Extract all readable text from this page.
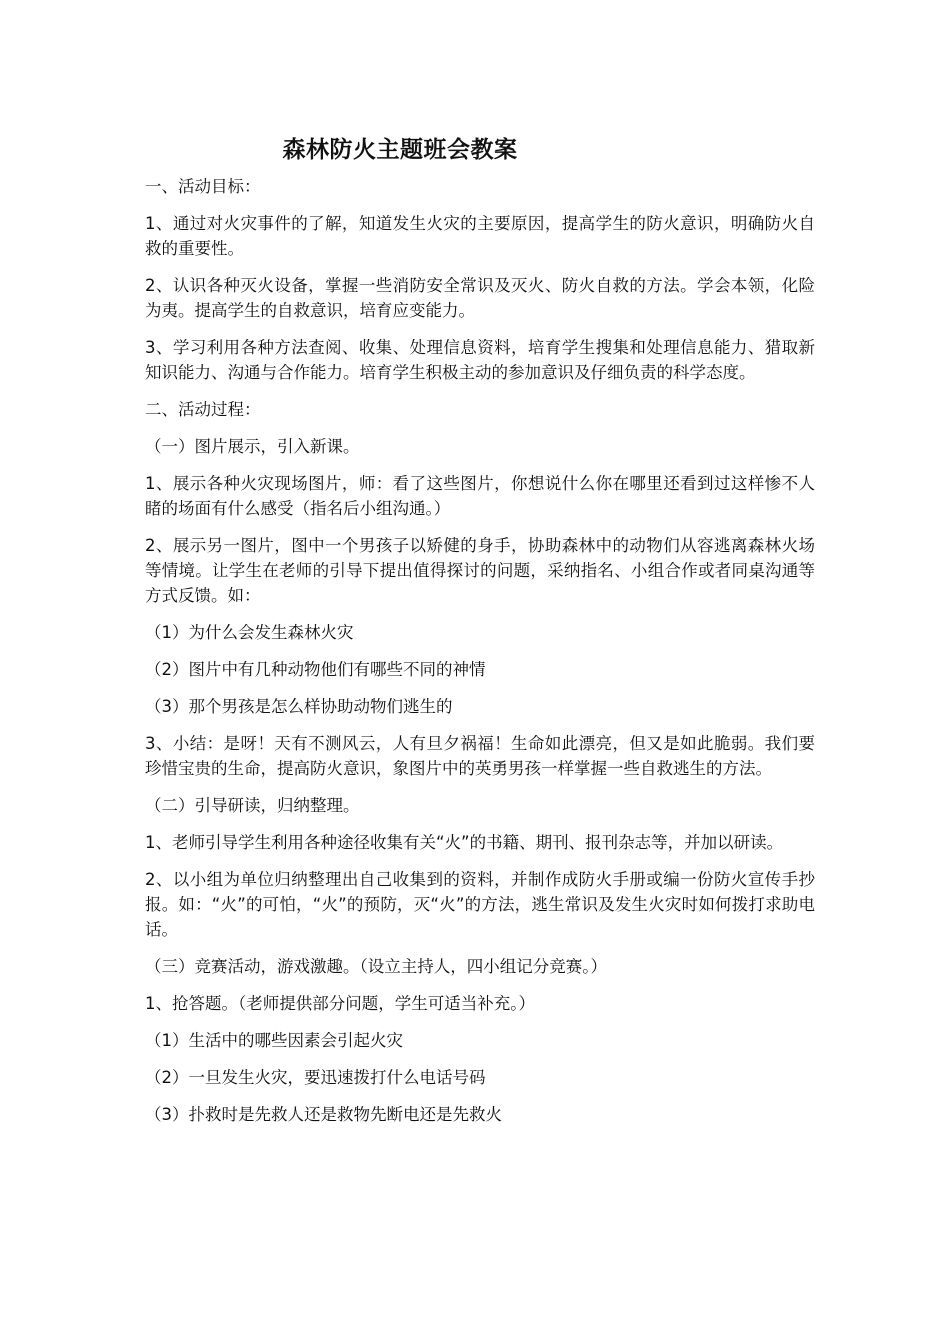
森林防火主题班会教案

一、活动目标：

1、通过对火灾事件的了解，知道发生火灾的主要原因，提高学生的防火意识，明确防火自救的重要性。

2、认识各种灭火设备，掌握一些消防安全常识及灭火、防火自救的方法。学会本领，化险为夷。提高学生的自救意识，培育应变能力。

3、学习利用各种方法查阅、收集、处理信息资料，培育学生搜集和处理信息能力、猎取新知识能力、沟通与合作能力。培育学生积极主动的参加意识及仔细负责的科学态度。

二、活动过程：

（一）图片展示，引入新课。

1、展示各种火灾现场图片，师：看了这些图片，你想说什么你在哪里还看到过这样惨不人睹的场面有什么感受（指名后小组沟通。）

2、展示另一图片，图中一个男孩子以矫健的身手，协助森林中的动物们从容逃离森林火场等情境。让学生在老师的引导下提出值得探讨的问题，采纳指名、小组合作或者同桌沟通等方式反馈。如：

（1）为什么会发生森林火灾

（2）图片中有几种动物他们有哪些不同的神情

（3）那个男孩是怎么样协助动物们逃生的

3、小结：是呀！天有不测风云，人有旦夕祸福！生命如此漂亮，但又是如此脆弱。我们要珍惜宝贵的生命，提高防火意识，象图片中的英勇男孩一样掌握一些自救逃生的方法。

（二）引导研读，归纳整理。

1、老师引导学生利用各种途径收集有关“火”的书籍、期刊、报刊杂志等，并加以研读。

2、以小组为单位归纳整理出自己收集到的资料，并制作成防火手册或编一份防火宣传手抄报。如：“火”的可怕，“火”的预防，灭“火”的方法，逃生常识及发生火灾时如何拨打求助电话。

（三）竞赛活动，游戏激趣。（设立主持人，四小组记分竞赛。）

1、抢答题。（老师提供部分问题，学生可适当补充。）

（1）生活中的哪些因素会引起火灾

（2）一旦发生火灾，要迅速拨打什么电话号码

（3）扑救时是先救人还是救物先断电还是先救火
